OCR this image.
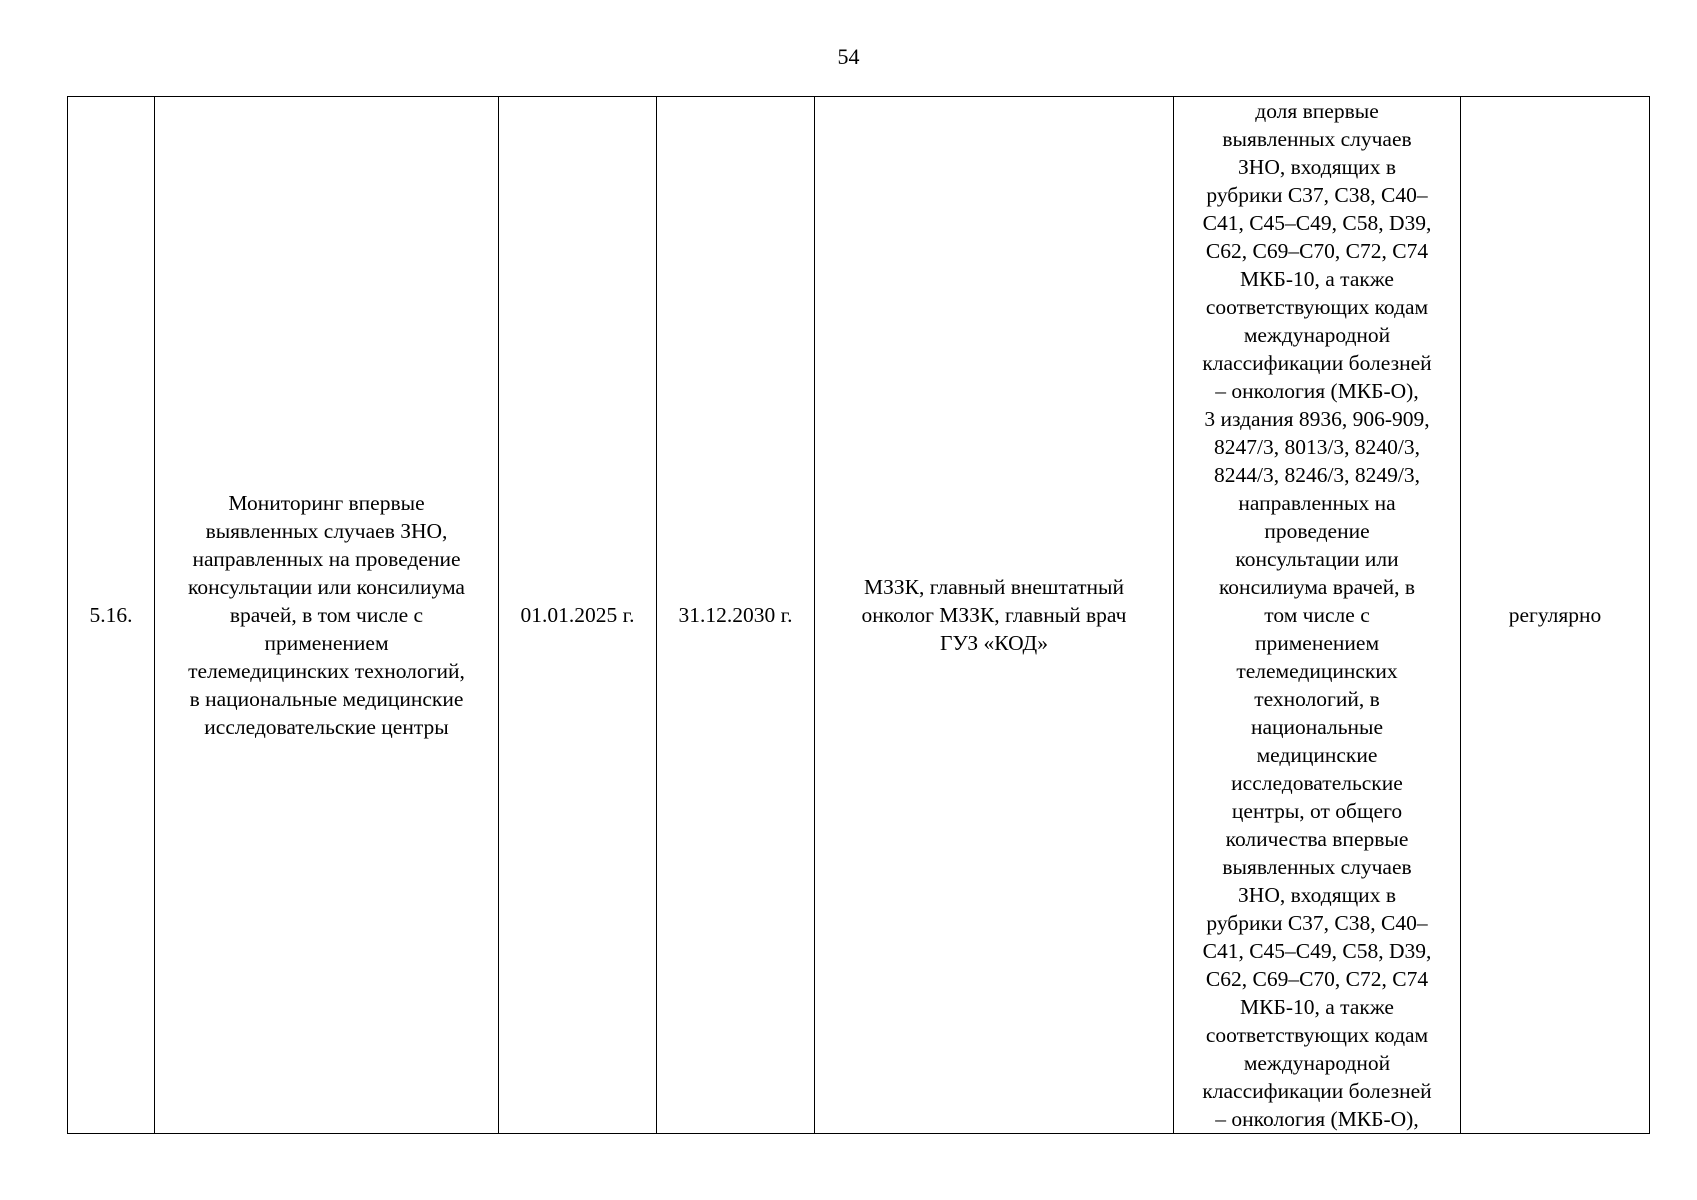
54
5.16.	Мониторинг впервые
выявленных случаев ЗНО,
направленных на проведение
консультации или консилиума
врачей, в том числе с
применением
телемедицинских технологий,
в национальные медицинские
исследовательские центры	01.01.2025 г.	31.12.2030 г.	МЗЗК, главный внештатный
онколог МЗЗК, главный врач
ГУЗ «КОД»	доля впервые
выявленных случаев
ЗНО, входящих в
рубрики С37, С38, С40–
С41, С45–С49, С58, D39,
С62, С69–С70, С72, С74
МКБ-10, а также
соответствующих кодам
международной
классификации болезней
– онкология (МКБ-О),
3 издания 8936, 906-909,
8247/3, 8013/3, 8240/3,
8244/3, 8246/3, 8249/3,
направленных на
проведение
консультации или
консилиума врачей, в
том числе с
применением
телемедицинских
технологий, в
национальные
медицинские
исследовательские
центры, от общего
количества впервые
выявленных случаев
ЗНО, входящих в
рубрики С37, С38, С40–
С41, С45–С49, С58, D39,
С62, С69–С70, С72, С74
МКБ-10, а также
соответствующих кодам
международной
классификации болезней
– онкология (МКБ-О),	регулярно
